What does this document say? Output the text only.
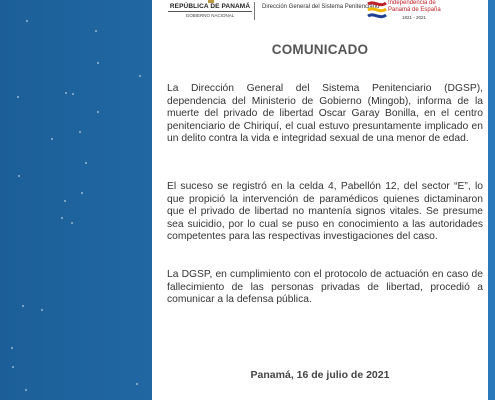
REPÚBLICA DE PANAMÁ
GOBIERNO NACIONAL
Dirección General del Sistema Penitenciario
Independencia de
Panamá de España
1821 - 2021
COMUNICADO

La Dirección General del Sistema Penitenciario (DGSP), dependencia del Ministerio de Gobierno (Mingob), informa de la muerte del privado de libertad Oscar Garay Bonilla, en el centro penitenciario de Chiriquí, el cual estuvo presuntamente implicado en un delito contra la vida e integridad sexual de una menor de edad.

El suceso se registró en la celda 4, Pabellón 12, del sector “E”, lo que propició la intervención de paramédicos quienes dictaminaron que el privado de libertad no mantenía signos vitales. Se presume sea suicidio, por lo cual se puso en conocimiento a las autoridades competentes para las respectivas investigaciones del caso.

La DGSP, en cumplimiento con el protocolo de actuación en caso de fallecimiento de las personas privadas de libertad, procedió a comunicar a la defensa pública.

Panamá, 16 de julio de 2021
